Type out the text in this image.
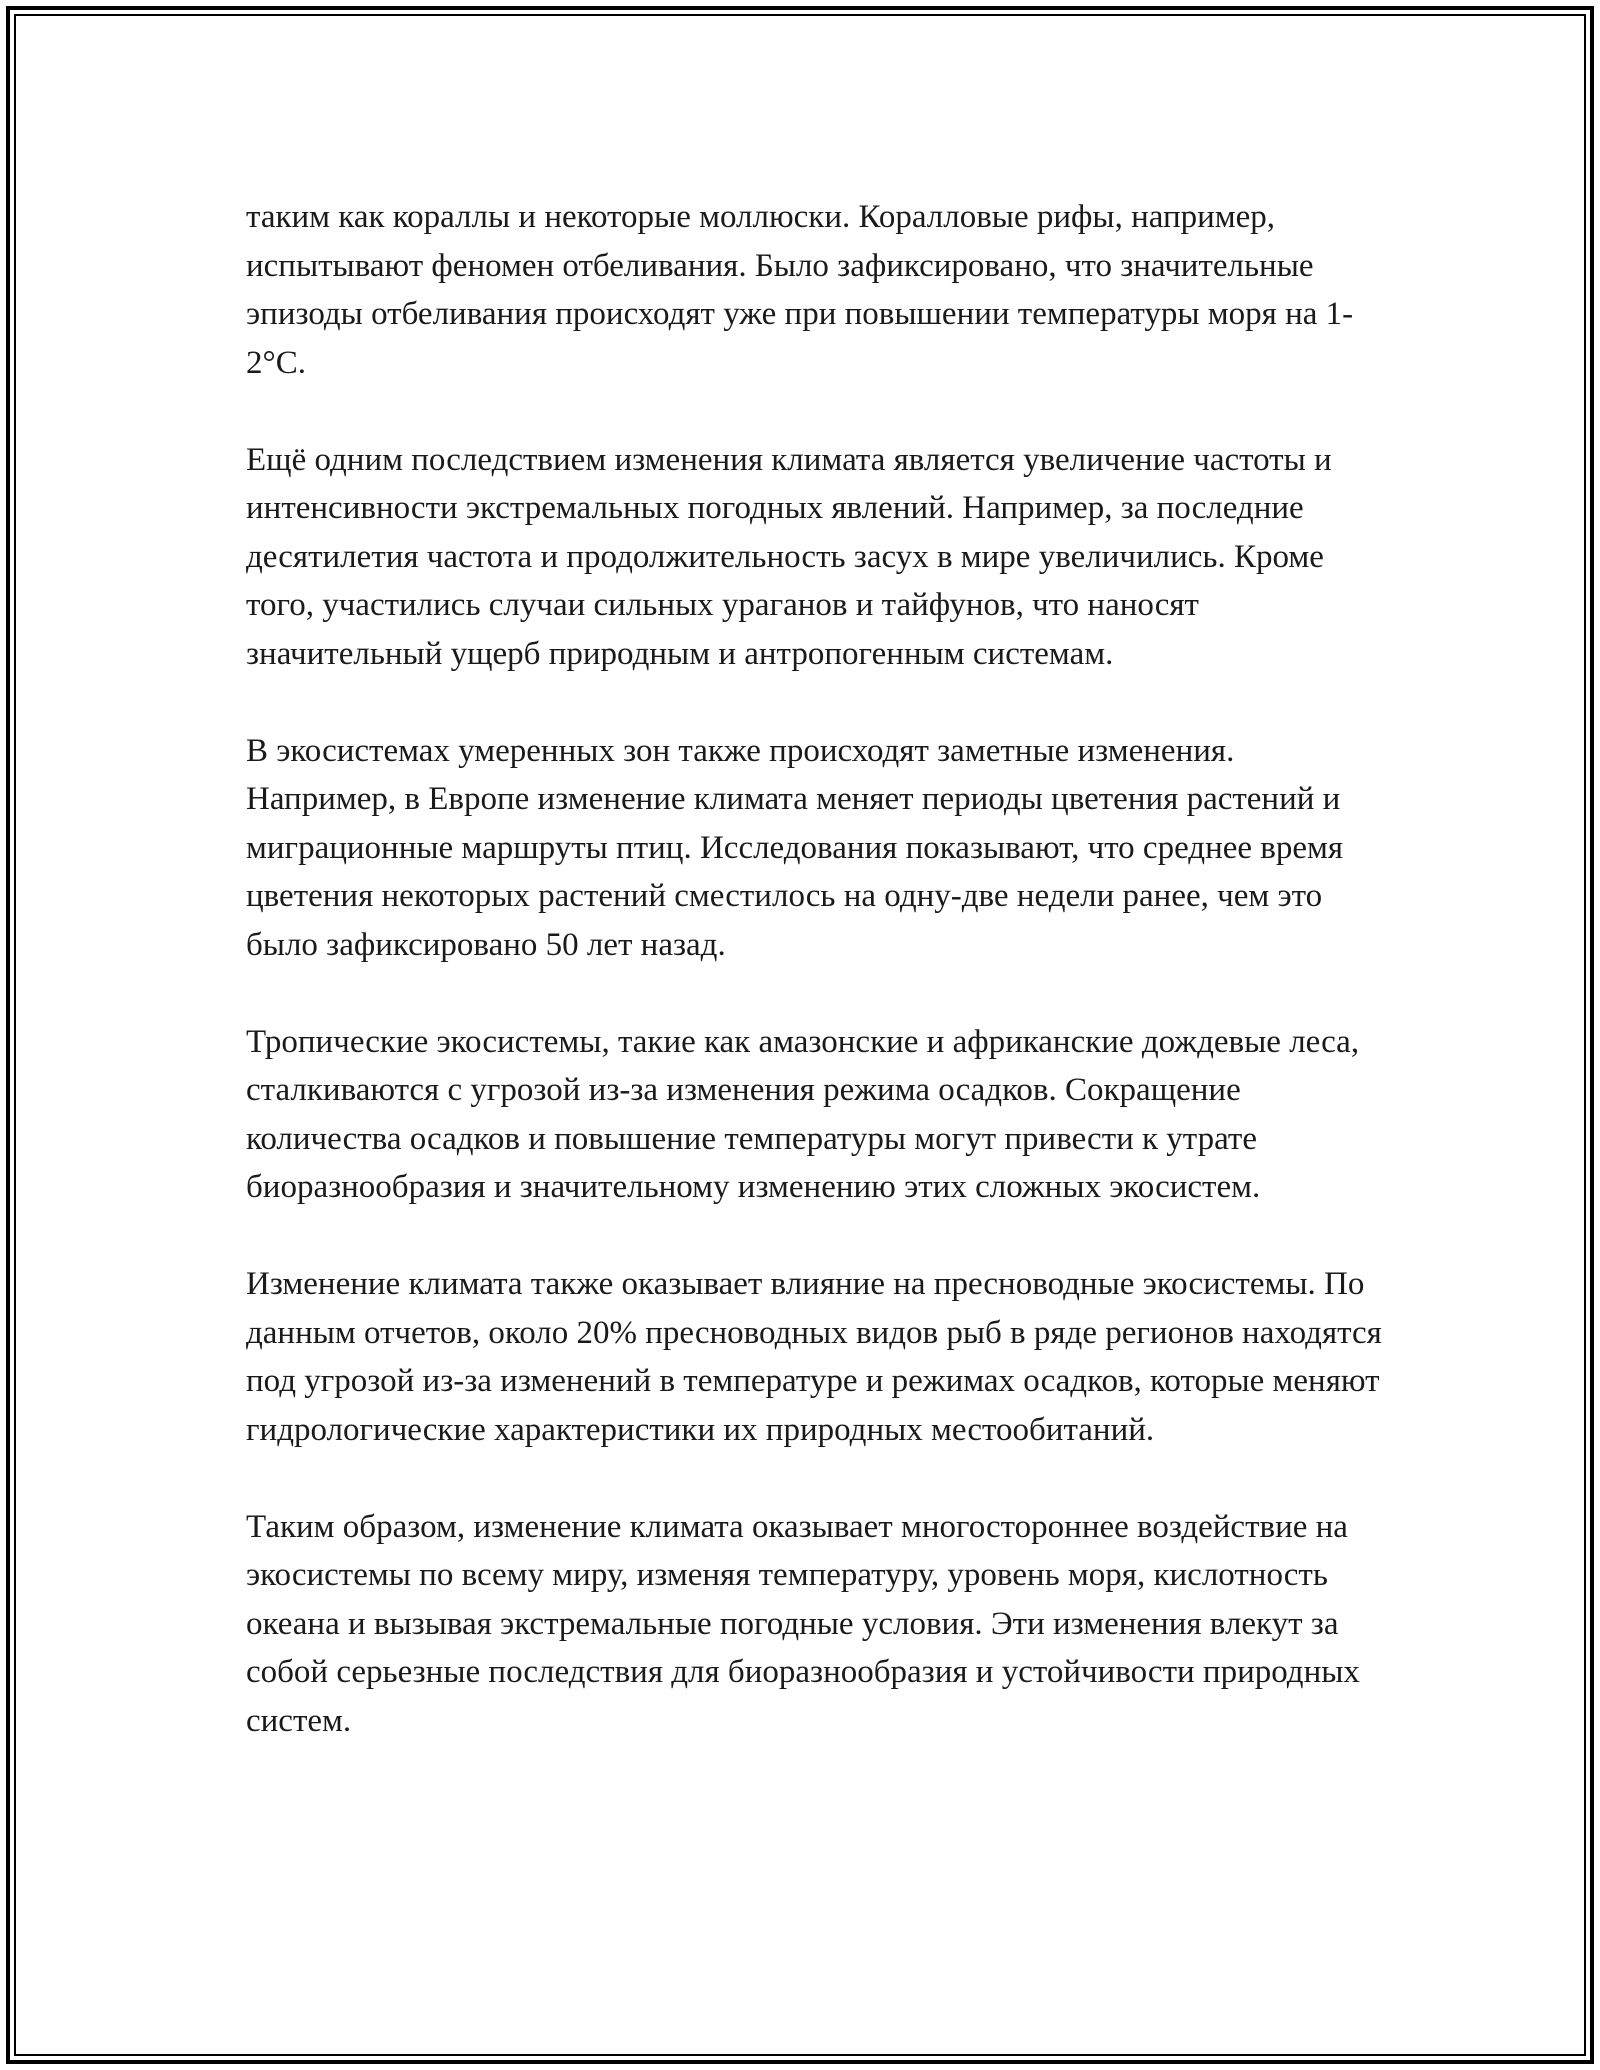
таким как кораллы и некоторые моллюски. Коралловые рифы, например, испытывают феномен отбеливания. Было зафиксировано, что значительные эпизоды отбеливания происходят уже при повышении температуры моря на 1-2°C.

Ещё одним последствием изменения климата является увеличение частоты и интенсивности экстремальных погодных явлений. Например, за последние десятилетия частота и продолжительность засух в мире увеличились. Кроме того, участились случаи сильных ураганов и тайфунов, что наносят значительный ущерб природным и антропогенным системам.

В экосистемах умеренных зон также происходят заметные изменения. Например, в Европе изменение климата меняет периоды цветения растений и миграционные маршруты птиц. Исследования показывают, что среднее время цветения некоторых растений сместилось на одну-две недели ранее, чем это было зафиксировано 50 лет назад.

Тропические экосистемы, такие как амазонские и африканские дождевые леса, сталкиваются с угрозой из-за изменения режима осадков. Сокращение количества осадков и повышение температуры могут привести к утрате биоразнообразия и значительному изменению этих сложных экосистем.

Изменение климата также оказывает влияние на пресноводные экосистемы. По данным отчетов, около 20% пресноводных видов рыб в ряде регионов находятся под угрозой из-за изменений в температуре и режимах осадков, которые меняют гидрологические характеристики их природных местообитаний.

Таким образом, изменение климата оказывает многостороннее воздействие на экосистемы по всему миру, изменяя температуру, уровень моря, кислотность океана и вызывая экстремальные погодные условия. Эти изменения влекут за собой серьезные последствия для биоразнообразия и устойчивости природных систем.
